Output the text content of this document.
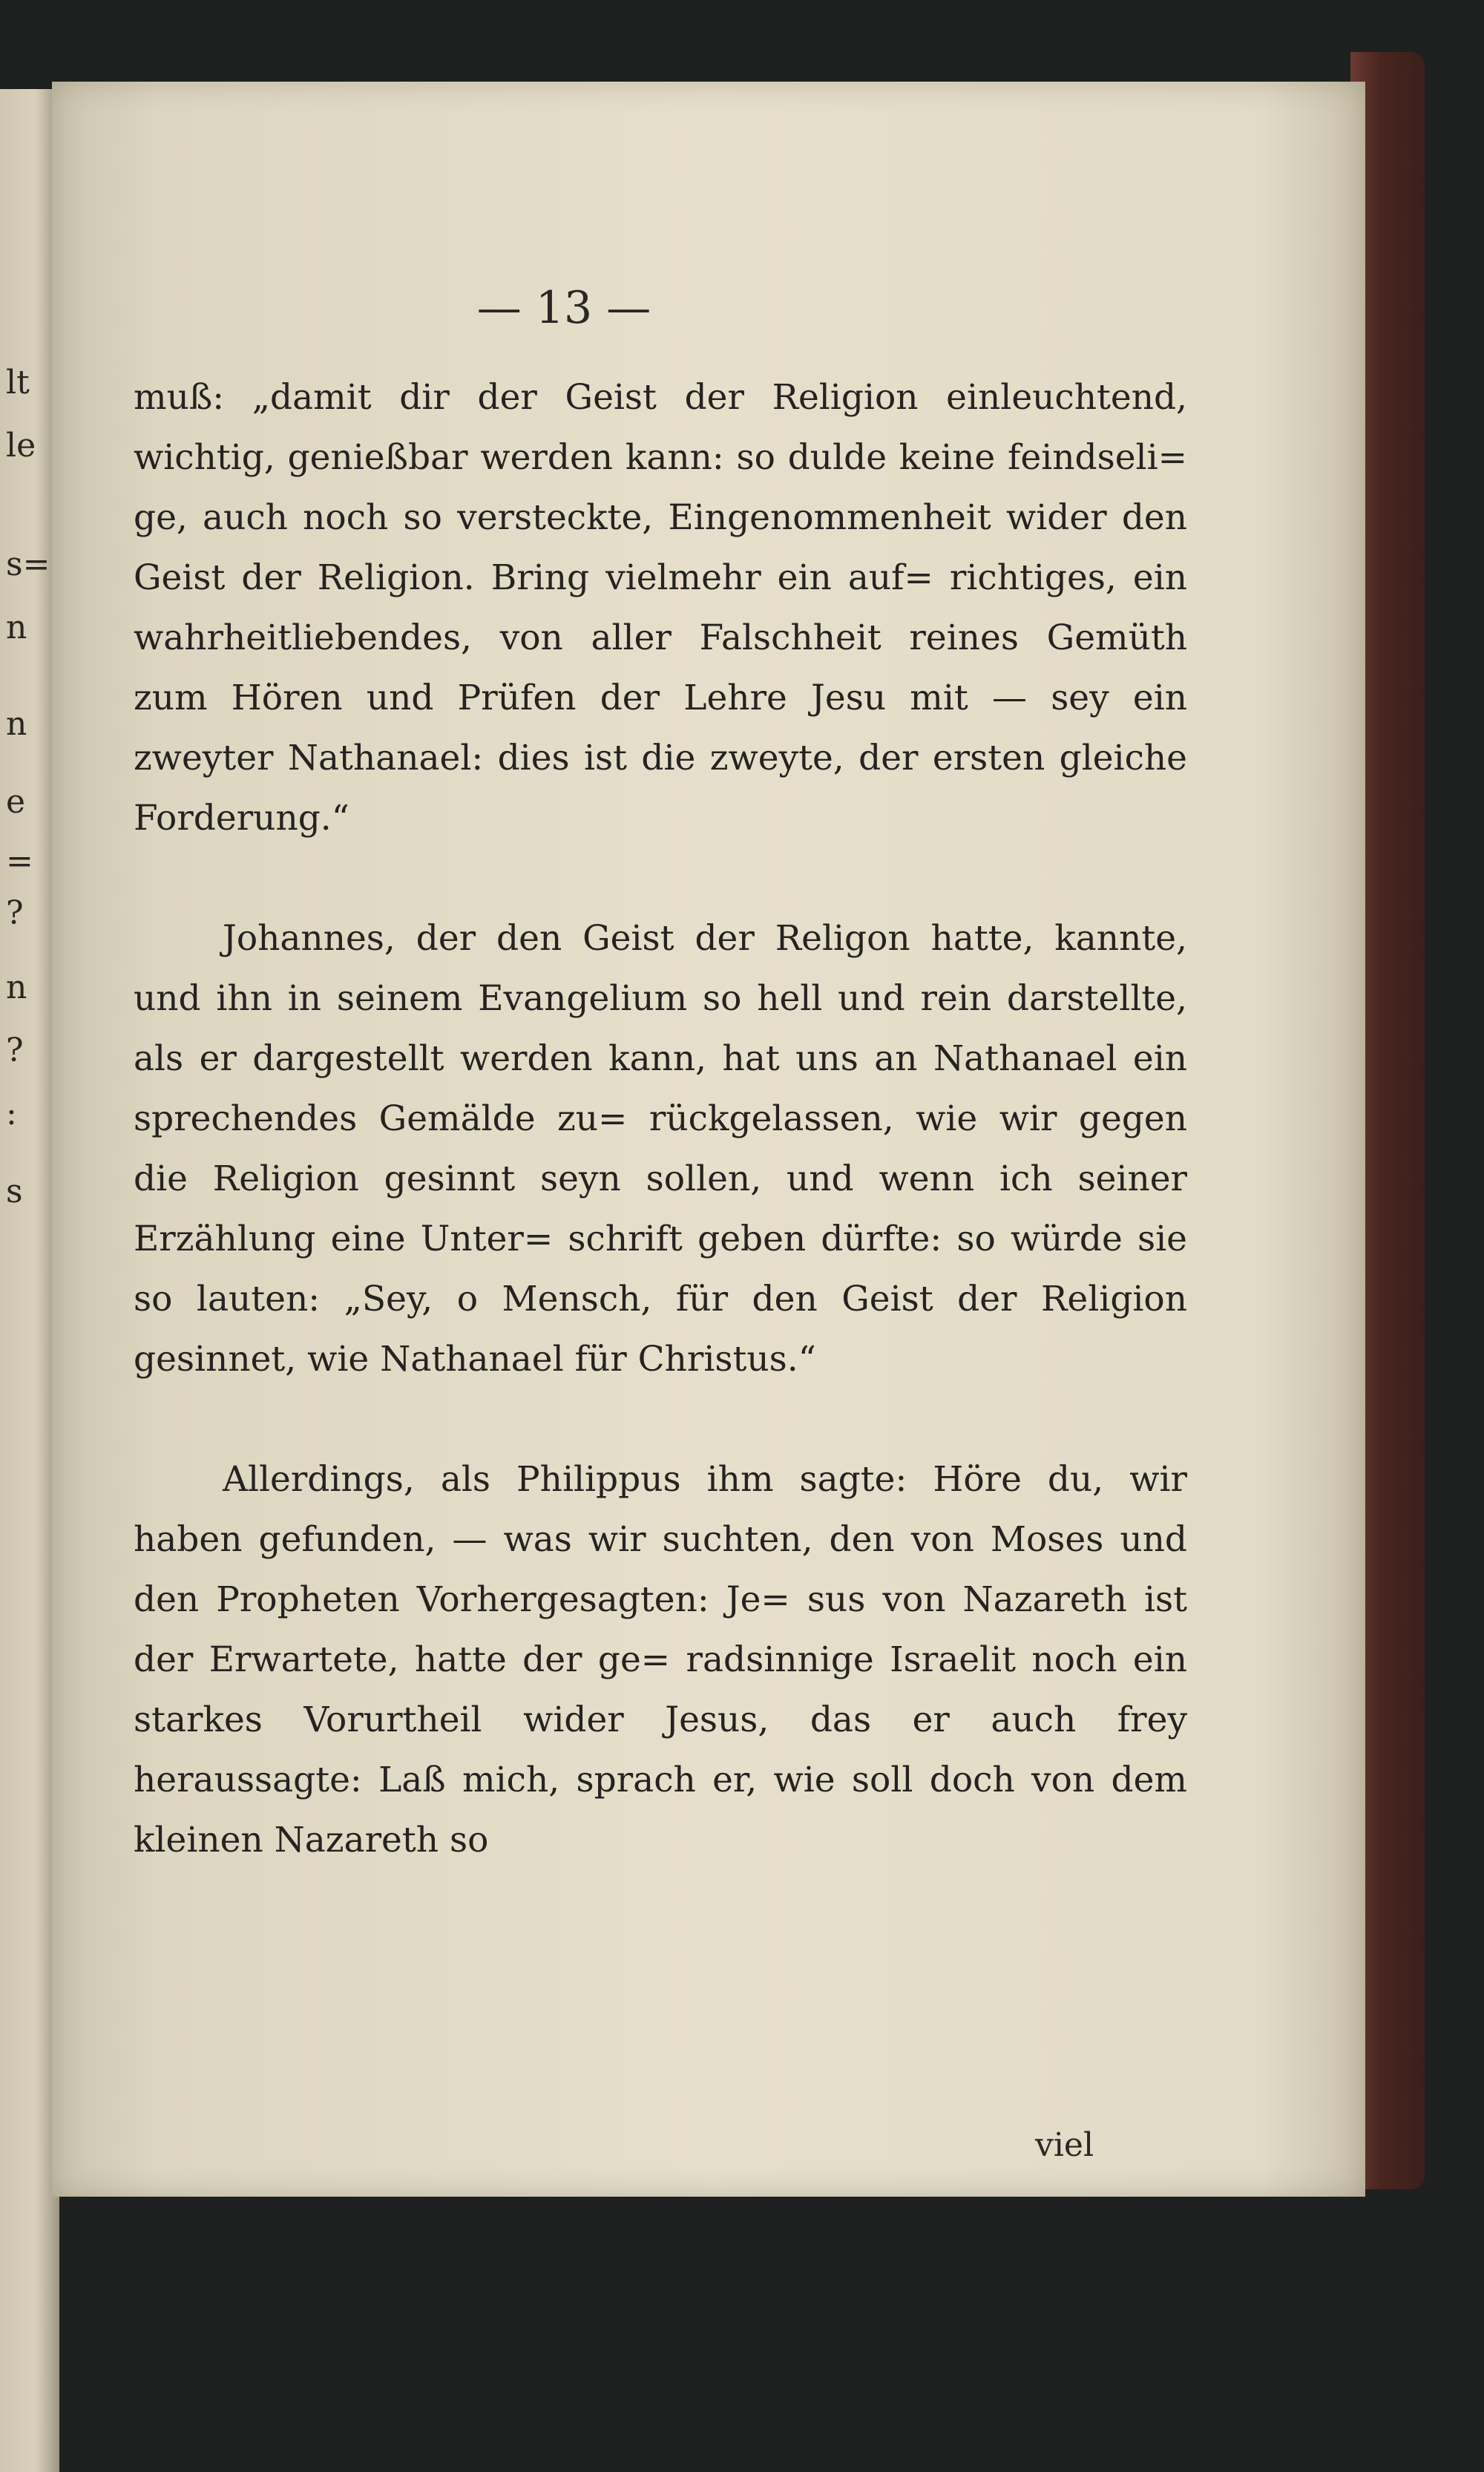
lt
le
s=
n
n
e
=
?
n
?
:
s
— 13 —

muß: „damit dir der Geist der Religion einleuchtend, wichtig, genießbar werden kann: so dulde keine feindseli= ge, auch noch so versteckte, Eingenommenheit wider den Geist der Religion. Bring vielmehr ein auf= richtiges, ein wahrheitliebendes, von aller Falschheit reines Gemüth zum Hören und Prüfen der Lehre Jesu mit — sey ein zweyter Nathanael: dies ist die zweyte, der ersten gleiche Forderung.“

Johannes, der den Geist der Religon hatte, kannte, und ihn in seinem Evangelium so hell und rein darstellte, als er dargestellt werden kann, hat uns an Nathanael ein sprechendes Gemälde zu= rückgelassen, wie wir gegen die Religion gesinnt seyn sollen, und wenn ich seiner Erzählung eine Unter= schrift geben dürfte: so würde sie so lauten: „Sey, o Mensch, für den Geist der Religion gesinnet, wie Nathanael für Christus.“

Allerdings, als Philippus ihm sagte: Höre du, wir haben gefunden, — was wir suchten, den von Moses und den Propheten Vorhergesagten: Je= sus von Nazareth ist der Erwartete, hatte der ge= radsinnige Israelit noch ein starkes Vorurtheil wider Jesus, das er auch frey heraussagte: Laß mich, sprach er, wie soll doch von dem kleinen Nazareth so

viel
